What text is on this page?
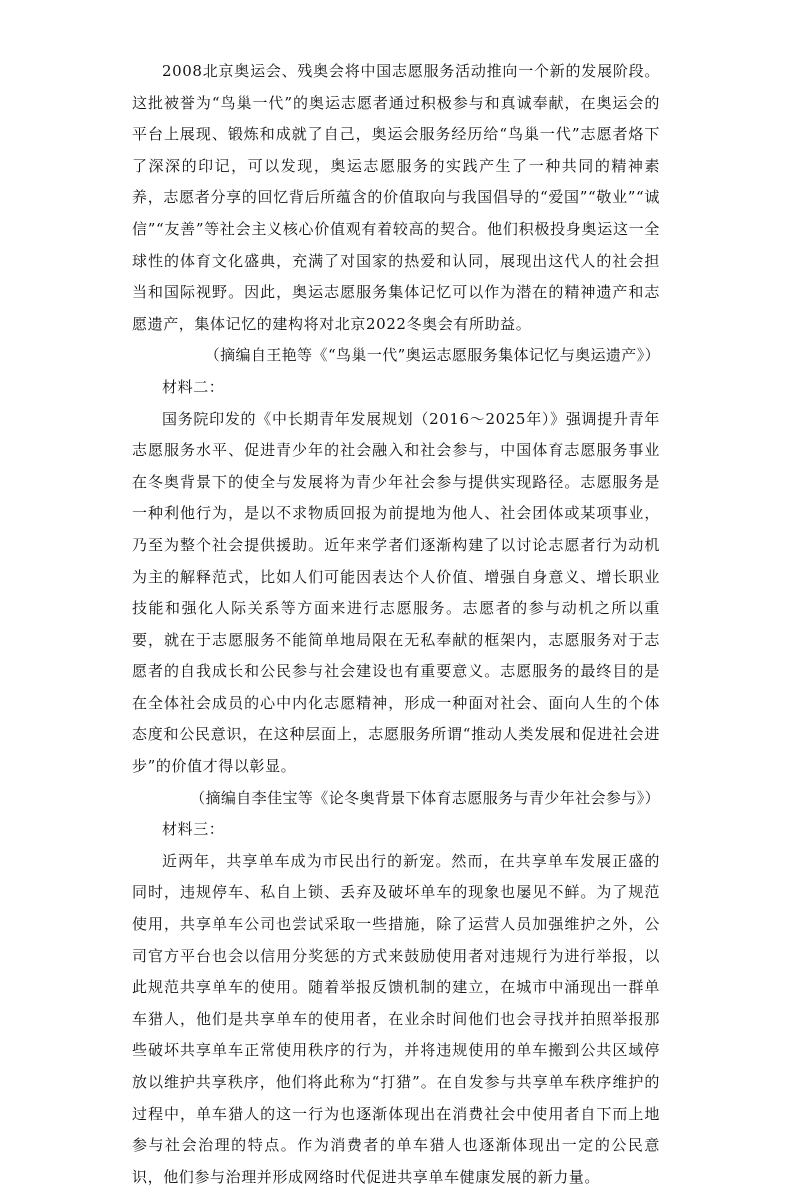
2008北京奥运会、残奥会将中国志愿服务活动推向一个新的发展阶段。这批被誉为“鸟巢一代”的奥运志愿者通过积极参与和真诚奉献，在奥运会的平台上展现、锻炼和成就了自己，奥运会服务经历给“鸟巢一代”志愿者烙下了深深的印记，可以发现，奥运志愿服务的实践产生了一种共同的精神素养，志愿者分享的回忆背后所蕴含的价值取向与我国倡导的“爱国”“敬业”“诚信”“友善”等社会主义核心价值观有着较高的契合。他们积极投身奥运这一全球性的体育文化盛典，充满了对国家的热爱和认同，展现出这代人的社会担当和国际视野。因此，奥运志愿服务集体记忆可以作为潜在的精神遗产和志愿遗产，集体记忆的建构将对北京2022冬奥会有所助益。

（摘编自王艳等《“鸟巢一代”奥运志愿服务集体记忆与奥运遗产》）

材料二：

国务院印发的《中长期青年发展规划（2016～2025年）》强调提升青年志愿服务水平、促进青少年的社会融入和社会参与，中国体育志愿服务事业在冬奥背景下的使全与发展将为青少年社会参与提供实现路径。志愿服务是一种利他行为，是以不求物质回报为前提地为他人、社会团体或某项事业，乃至为整个社会提供援助。近年来学者们逐渐构建了以讨论志愿者行为动机为主的解释范式，比如人们可能因表达个人价值、增强自身意义、增长职业技能和强化人际关系等方面来进行志愿服务。志愿者的参与动机之所以重要，就在于志愿服务不能简单地局限在无私奉献的框架内，志愿服务对于志愿者的自我成长和公民参与社会建设也有重要意义。志愿服务的最终目的是在全体社会成员的心中内化志愿精神，形成一种面对社会、面向人生的个体态度和公民意识，在这种层面上，志愿服务所谓“推动人类发展和促进社会进步”的价值才得以彰显。

（摘编自李佳宝等《论冬奥背景下体育志愿服务与青少年社会参与》）

材料三：

近两年，共享单车成为市民出行的新宠。然而，在共享单车发展正盛的同时，违规停车、私自上锁、丢弃及破坏单车的现象也屡见不鲜。为了规范使用，共享单车公司也尝试采取一些措施，除了运营人员加强维护之外，公司官方平台也会以信用分奖惩的方式来鼓励使用者对违规行为进行举报，以此规范共享单车的使用。随着举报反馈机制的建立，在城市中涌现出一群单车猎人，他们是共享单车的使用者，在业余时间他们也会寻找并拍照举报那些破坏共享单车正常使用秩序的行为，并将违规使用的单车搬到公共区域停放以维护共享秩序，他们将此称为“打猎”。在自发参与共享单车秩序维护的过程中，单车猎人的这一行为也逐渐体现出在消费社会中使用者自下而上地参与社会治理的特点。作为消费者的单车猎人也逐渐体现出一定的公民意识，他们参与治理并形成网络时代促进共享单车健康发展的新力量。
